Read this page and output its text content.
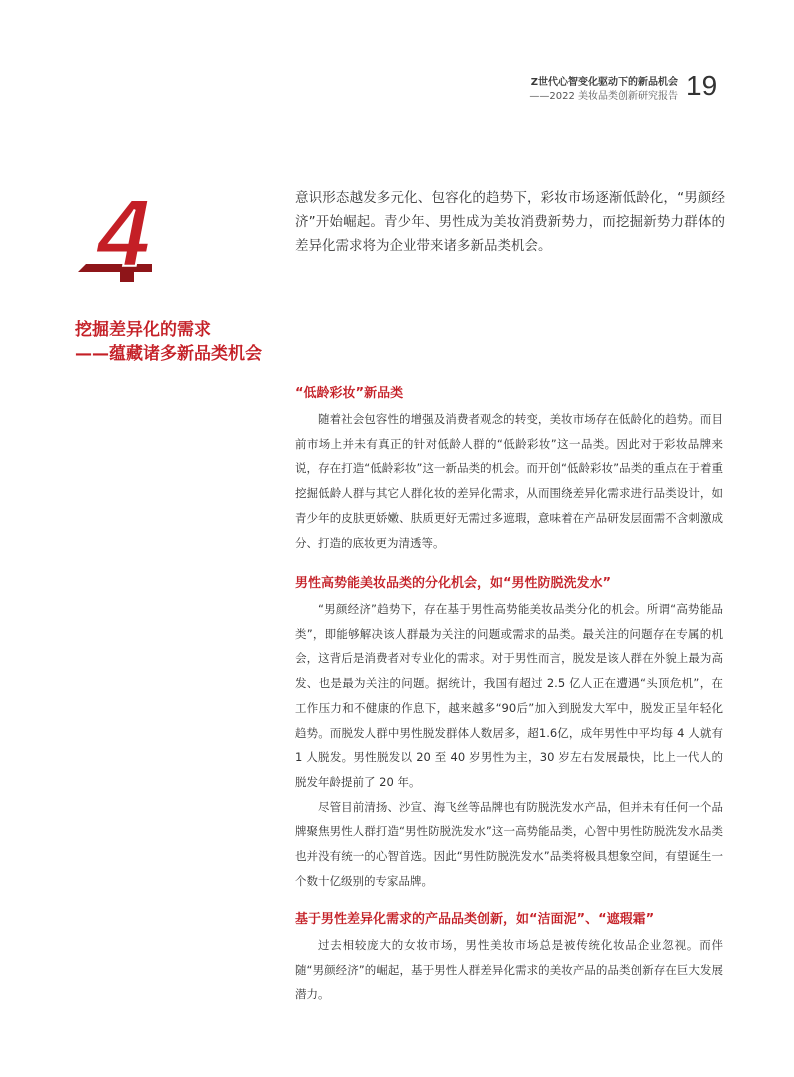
Z世代心智变化驱动下的新品机会
——2022 美妆品类创新研究报告 19
4
挖掘差异化的需求
——蕴藏诸多新品类机会
意识形态越发多元化、包容化的趋势下，彩妆市场逐渐低龄化，“男颜经济”开始崛起。青少年、男性成为美妆消费新势力，而挖掘新势力群体的差异化需求将为企业带来诸多新品类机会。
“低龄彩妆”新品类

随着社会包容性的增强及消费者观念的转变，美妆市场存在低龄化的趋势。而目前市场上并未有真正的针对低龄人群的“低龄彩妆”这一品类。因此对于彩妆品牌来说，存在打造“低龄彩妆”这一新品类的机会。而开创“低龄彩妆”品类的重点在于着重挖掘低龄人群与其它人群化妆的差异化需求，从而围绕差异化需求进行品类设计，如青少年的皮肤更娇嫩、肤质更好无需过多遮瑕，意味着在产品研发层面需不含刺激成分、打造的底妆更为清透等。

男性高势能美妆品类的分化机会，如“男性防脱洗发水”

“男颜经济”趋势下，存在基于男性高势能美妆品类分化的机会。所谓“高势能品类”，即能够解决该人群最为关注的问题或需求的品类。最关注的问题存在专属的机会，这背后是消费者对专业化的需求。对于男性而言，脱发是该人群在外貌上最为高发、也是最为关注的问题。据统计，我国有超过 2.5 亿人正在遭遇“头顶危机”，在工作压力和不健康的作息下，越来越多“90后”加入到脱发大军中，脱发正呈年轻化趋势。而脱发人群中男性脱发群体人数居多，超1.6亿，成年男性中平均每 4 人就有 1 人脱发。男性脱发以 20 至 40 岁男性为主，30 岁左右发展最快，比上一代人的脱发年龄提前了 20 年。

尽管目前清扬、沙宣、海飞丝等品牌也有防脱洗发水产品，但并未有任何一个品牌聚焦男性人群打造“男性防脱洗发水”这一高势能品类，心智中男性防脱洗发水品类也并没有统一的心智首选。因此“男性防脱洗发水”品类将极具想象空间，有望诞生一个数十亿级别的专家品牌。

基于男性差异化需求的产品品类创新，如“洁面泥”、“遮瑕霜”

过去相较庞大的女妆市场，男性美妆市场总是被传统化妆品企业忽视。而伴随“男颜经济”的崛起，基于男性人群差异化需求的美妆产品的品类创新存在巨大发展潜力。
